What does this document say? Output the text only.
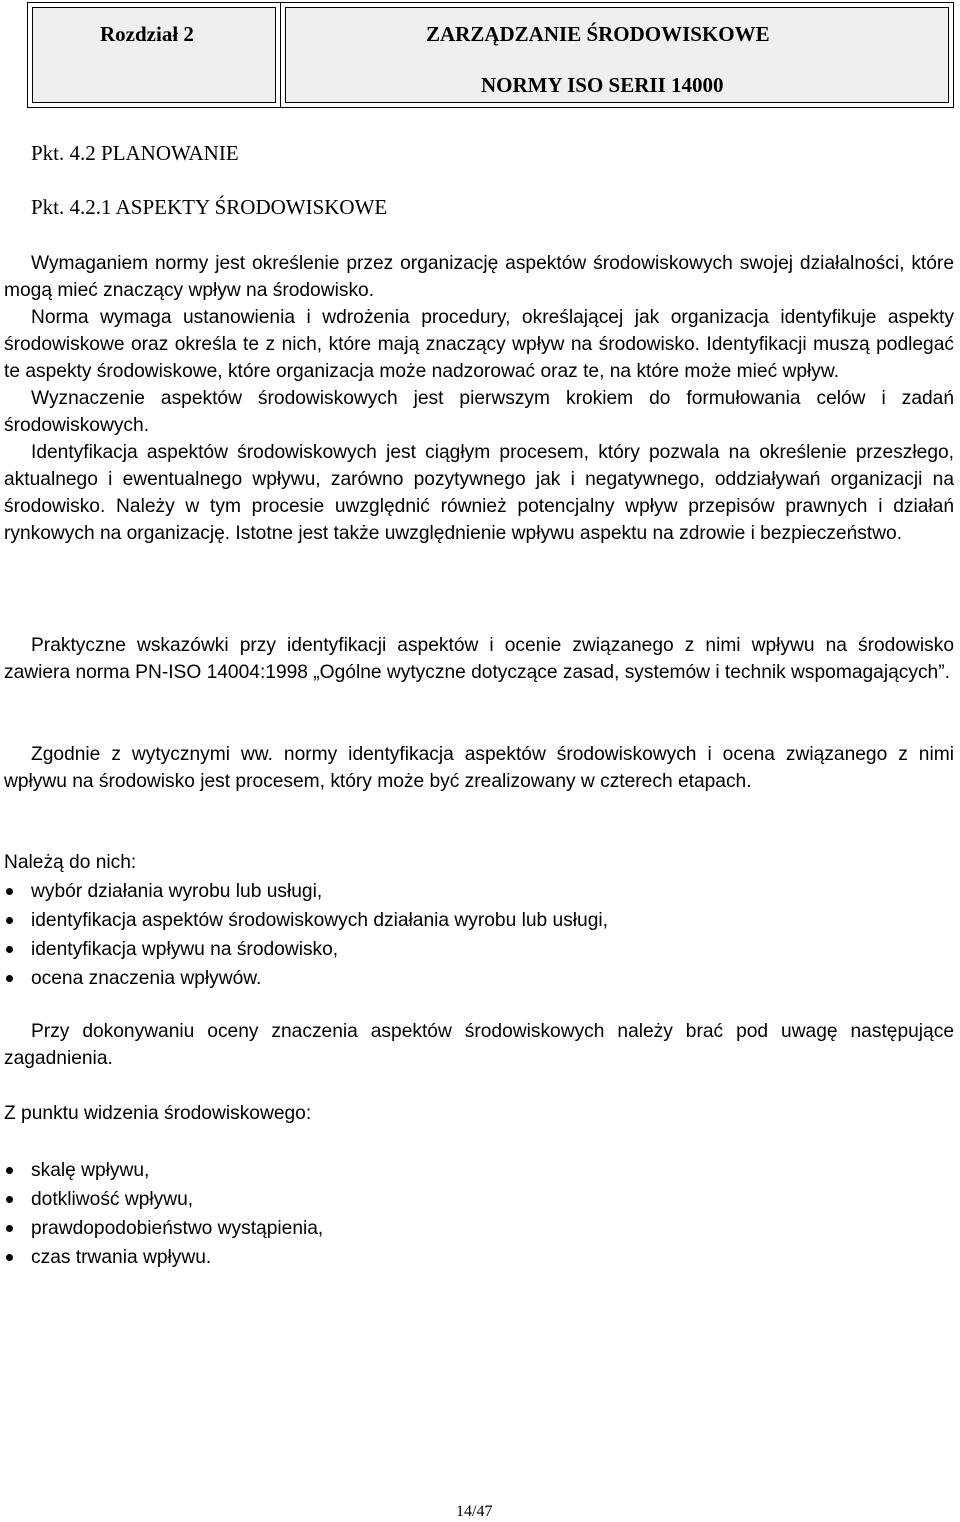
Rozdział 2	ZARZĄDZANIE ŚRODOWISKOWE
NORMY ISO SERII 14000
Pkt. 4.2 PLANOWANIE
Pkt. 4.2.1 ASPEKTY ŚRODOWISKOWE

Wymaganiem normy jest określenie przez organizację aspektów środowiskowych swojej działalności, które mogą mieć znaczący wpływ na środowisko.

Norma wymaga ustanowienia i wdrożenia procedury, określającej jak organizacja identyfikuje aspekty środowiskowe oraz określa te z nich, które mają znaczący wpływ na środowisko. Identyfikacji muszą podlegać te aspekty środowiskowe, które organizacja może nadzorować oraz te, na które może mieć wpływ.

Wyznaczenie aspektów środowiskowych jest pierwszym krokiem do formułowania celów i zadań środowiskowych.

Identyfikacja aspektów środowiskowych jest ciągłym procesem, który pozwala na określenie przeszłego, aktualnego i ewentualnego wpływu, zarówno pozytywnego jak i negatywnego, oddziaływań organizacji na środowisko. Należy w tym procesie uwzględnić również potencjalny wpływ przepisów prawnych i działań rynkowych na organizację. Istotne jest także uwzględnienie wpływu aspektu na zdrowie i bezpieczeństwo.

Praktyczne wskazówki przy identyfikacji aspektów i ocenie związanego z nimi wpływu na środowisko zawiera norma PN-ISO 14004:1998 „Ogólne wytyczne dotyczące zasad, systemów i technik wspomagających”.

Zgodnie z wytycznymi ww. normy identyfikacja aspektów środowiskowych i ocena związanego z nimi wpływu na środowisko jest procesem, który może być zrealizowany w czterech etapach.

Należą do nich:

wybór działania wyrobu lub usługi,
identyfikacja aspektów środowiskowych działania wyrobu lub usługi,
identyfikacja wpływu na środowisko,
ocena znaczenia wpływów.

Przy dokonywaniu oceny znaczenia aspektów środowiskowych należy brać pod uwagę następujące zagadnienia.

Z punktu widzenia środowiskowego:

skalę wpływu,
dotkliwość wpływu,
prawdopodobieństwo wystąpienia,
czas trwania wpływu.
14/47
